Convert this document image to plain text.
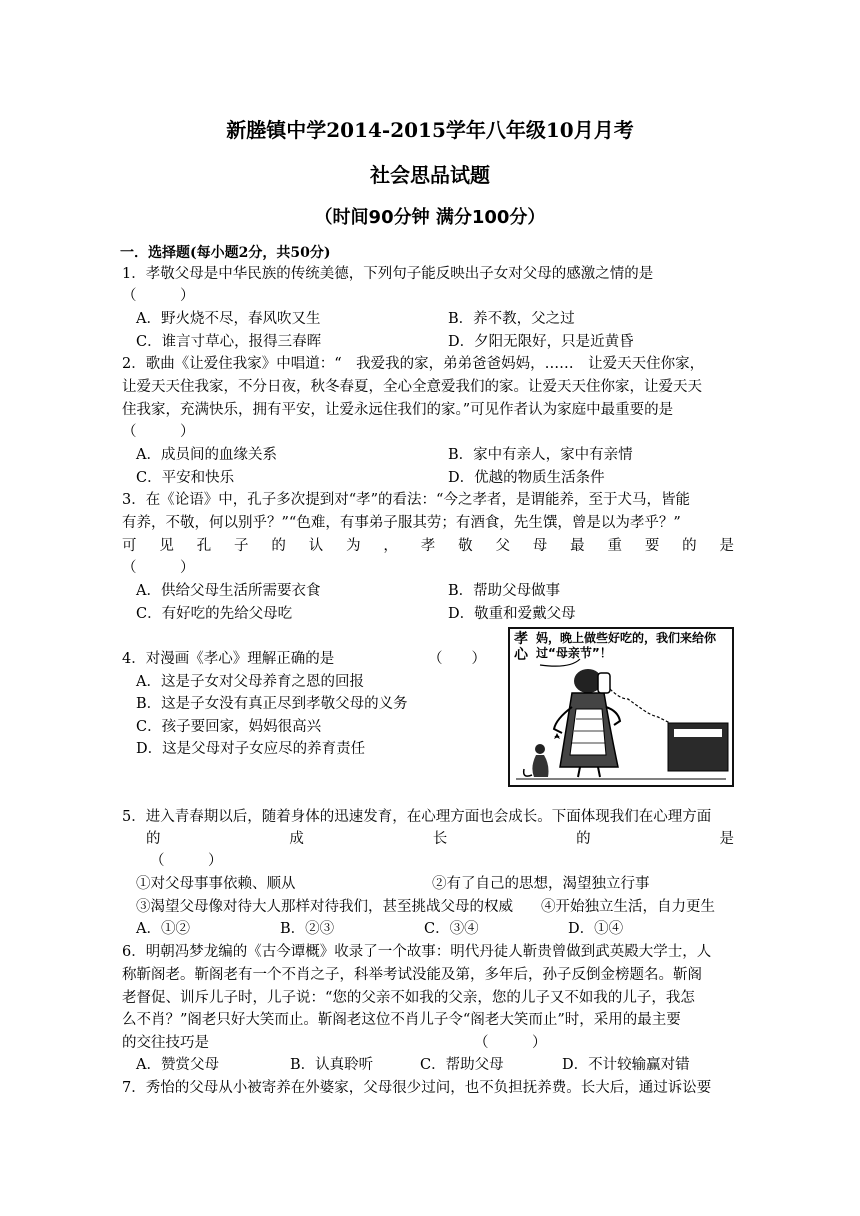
新塍镇中学2014-2015学年八年级10月月考
社会思品试题
（时间90分钟 满分100分）
一．选择题(每小题2分，共50分)
1．孝敬父母是中华民族的传统美德，下列句子能反映出子女对父母的感激之情的是
（　　　）
A．野火烧不尽，春风吹又生	B．养不教，父之过
C．谁言寸草心，报得三春晖	D．夕阳无限好，只是近黄昏
2．歌曲《让爱住我家》中唱道：“　我爱我的家，弟弟爸爸妈妈，……　让爱天天住你家，
让爱天天住我家，不分日夜，秋冬春夏，全心全意爱我们的家。让爱天天住你家，让爱天天
住我家，充满快乐，拥有平安，让爱永远住我们的家。”可见作者认为家庭中最重要的是
（　　　）
A．成员间的血缘关系	B．家中有亲人，家中有亲情
C．平安和快乐	D．优越的物质生活条件
3．在《论语》中，孔子多次提到对“孝”的看法：“今之孝者，是谓能养，至于犬马，皆能
有养，不敬，何以别乎？”“色难，有事弟子服其劳；有酒食，先生馔，曾是以为孝乎？”
可 见 孔 子 的 认 为 ， 孝 敬 父 母 最 重 要 的 是
（　　　）
A．供给父母生活所需要衣食	B．帮助父母做事
C．有好吃的先给父母吃	D．敬重和爱戴父母
4．对漫画《孝心》理解正确的是	（　　）
A．这是子女对父母养育之恩的回报
B．这是子女没有真正尽到孝敬父母的义务
C．孩子要回家，妈妈很高兴
D．这是父母对子女应尽的养育责任
孝心
妈，晚上做些好吃的，我们来给你过“母亲节”！
5．进入青春期以后，随着身体的迅速发育，在心理方面也会成长。下面体现我们在心理方面
的	成	长	的	是
（　　　）
①对父母事事依赖、顺从	②有了自己的思想，渴望独立行事
③渴望父母像对待大人那样对待我们，甚至挑战父母的权威 ④开始独立生活，自力更生
A．①②	B．②③	C．③④	D．①④
6．明朝冯梦龙编的《古今谭概》收录了一个故事：明代丹徒人靳贵曾做到武英殿大学士，人
称靳阁老。靳阁老有一个不肖之子，科举考试没能及第，多年后，孙子反倒金榜题名。靳阁
老督促、训斥儿子时，儿子说：“您的父亲不如我的父亲，您的儿子又不如我的儿子，我怎
么不肖？”阁老只好大笑而止。靳阁老这位不肖儿子令“阁老大笑而止”时，采用的最主要
的交往技巧是	（　　　）
A．赞赏父母	B．认真聆听	C．帮助父母	D．不计较输赢对错
7．秀怡的父母从小被寄养在外婆家，父母很少过问，也不负担抚养费。长大后，通过诉讼要
